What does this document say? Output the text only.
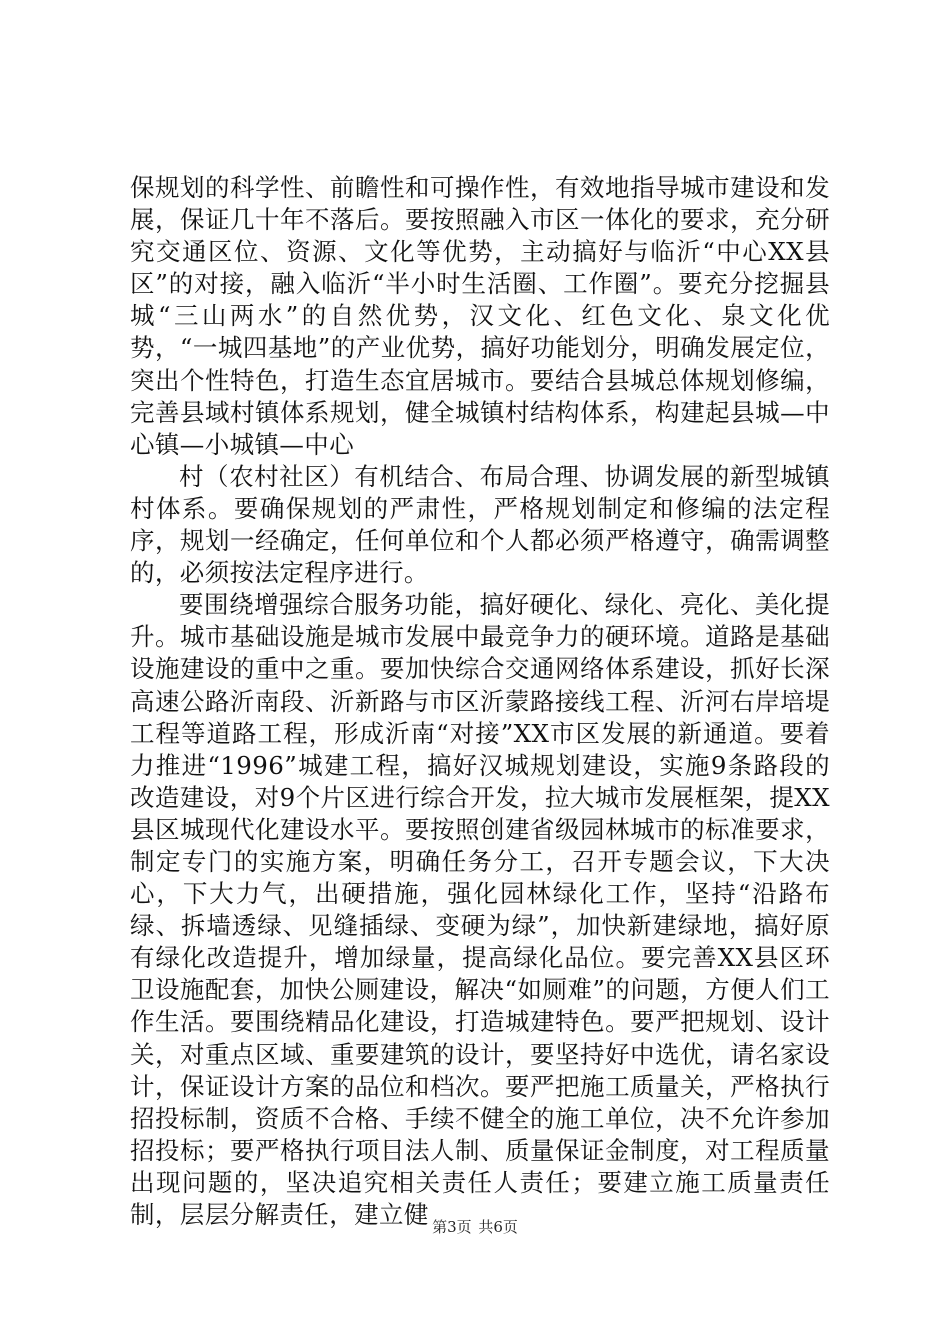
保规划的科学性、前瞻性和可操作性，有效地指导城市建设和发展，保证几十年不落后。要按照融入市区一体化的要求，充分研究交通区位、资源、文化等优势，主动搞好与临沂“中心XX县区”的对接，融入临沂“半小时生活圈、工作圈”。要充分挖掘县城“三山两水”的自然优势，汉文化、红色文化、泉文化优势，“一城四基地”的产业优势，搞好功能划分，明确发展定位，突出个性特色，打造生态宜居城市。要结合县城总体规划修编，完善县域村镇体系规划，健全城镇村结构体系，构建起县城—中心镇—小城镇—中心

村（农村社区）有机结合、布局合理、协调发展的新型城镇村体系。要确保规划的严肃性，严格规划制定和修编的法定程序，规划一经确定，任何单位和个人都必须严格遵守，确需调整的，必须按法定程序进行。

要围绕增强综合服务功能，搞好硬化、绿化、亮化、美化提升。城市基础设施是城市发展中最竞争力的硬环境。道路是基础设施建设的重中之重。要加快综合交通网络体系建设，抓好长深高速公路沂南段、沂新路与市区沂蒙路接线工程、沂河右岸培堤工程等道路工程，形成沂南“对接”XX市区发展的新通道。要着力推进“1996”城建工程，搞好汉城规划建设，实施9条路段的改造建设，对9个片区进行综合开发，拉大城市发展框架，提XX县区城现代化建设水平。要按照创建省级园林城市的标准要求，制定专门的实施方案，明确任务分工，召开专题会议，下大决心，下大力气，出硬措施，强化园林绿化工作，坚持“沿路布绿、拆墙透绿、见缝插绿、变硬为绿”，加快新建绿地，搞好原有绿化改造提升，增加绿量，提高绿化品位。要完善XX县区环卫设施配套，加快公厕建设，解决“如厕难”的问题，方便人们工作生活。要围绕精品化建设，打造城建特色。要严把规划、设计关，对重点区域、重要建筑的设计，要坚持好中选优，请名家设计，保证设计方案的品位和档次。要严把施工质量关，严格执行招投标制，资质不合格、手续不健全的施工单位，决不允许参加招投标；要严格执行项目法人制、质量保证金制度，对工程质量出现问题的，坚决追究相关责任人责任；要建立施工质量责任制，层层分解责任，建立健 第3页 共6页
